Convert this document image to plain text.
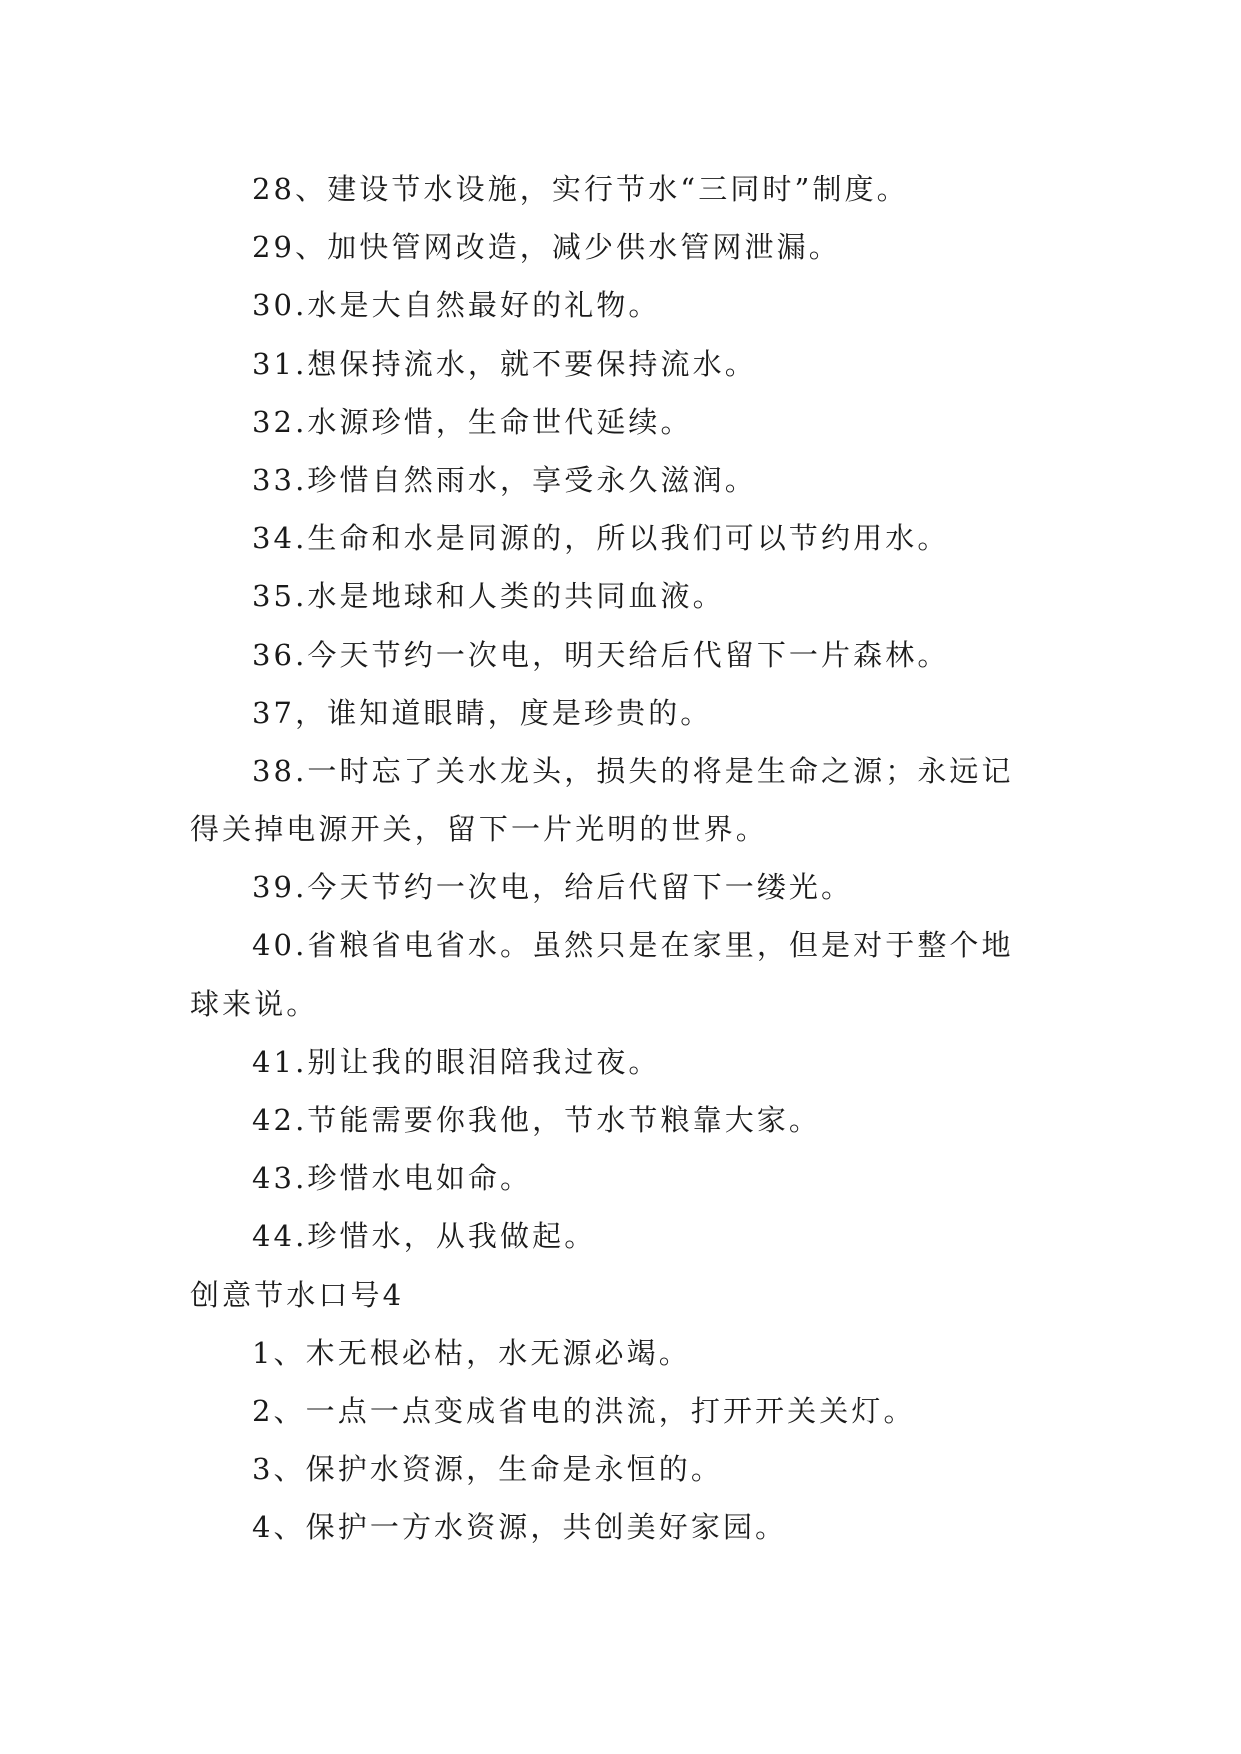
28、建设节水设施，实行节水“三同时”制度。
29、加快管网改造，减少供水管网泄漏。
30.水是大自然最好的礼物。
31.想保持流水，就不要保持流水。
32.水源珍惜，生命世代延续。
33.珍惜自然雨水，享受永久滋润。
34.生命和水是同源的，所以我们可以节约用水。
35.水是地球和人类的共同血液。
36.今天节约一次电，明天给后代留下一片森林。
37，谁知道眼睛，度是珍贵的。
38.一时忘了关水龙头，损失的将是生命之源；永远记
得关掉电源开关，留下一片光明的世界。
39.今天节约一次电，给后代留下一缕光。
40.省粮省电省水。虽然只是在家里，但是对于整个地
球来说。
41.别让我的眼泪陪我过夜。
42.节能需要你我他，节水节粮靠大家。
43.珍惜水电如命。
44.珍惜水，从我做起。
创意节水口号4
1、木无根必枯，水无源必竭。
2、一点一点变成省电的洪流，打开开关关灯。
3、保护水资源，生命是永恒的。
4、保护一方水资源，共创美好家园。
